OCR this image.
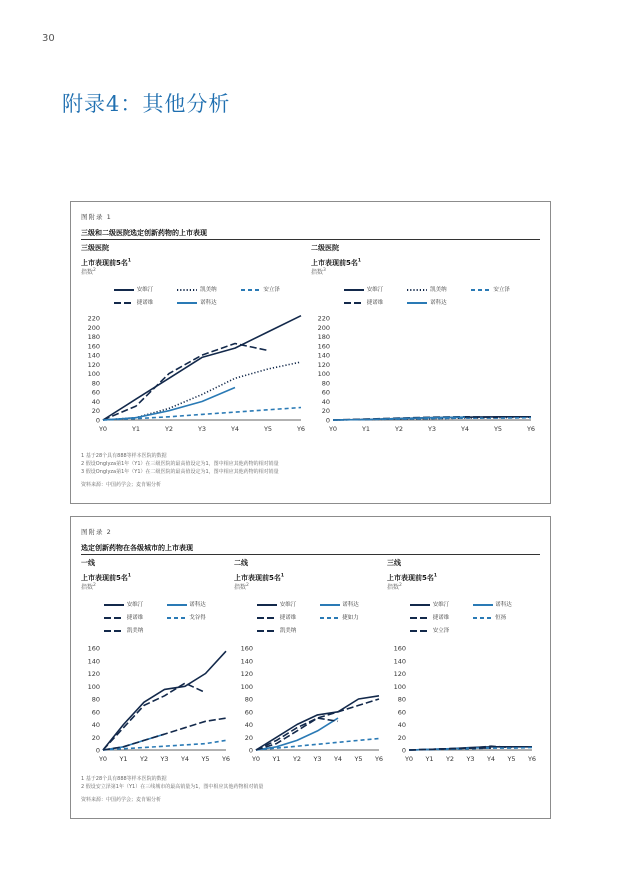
30
附录4：其他分析
图附录 1
三级和二级医院选定创新药物的上市表现
三级医院
上市表现前5名$^1$
指数$^2$
安维汀	凯美纳	安立泽
捷诺维	诺科达
0
20
40
60
80
100
120
140
160
180
200
220
Y0	Y1	Y2	Y3	Y4	Y5	Y6
二级医院
上市表现前5名$^1$
指数$^3$
安维汀	凯美纳	安立泽
捷诺维	诺科达
0
20
40
60
80
100
120
140
160
180
200
220
Y0	Y1	Y2	Y3	Y4	Y5	Y6
1 基于28个具有888等样本医院的数据
2 假设Onglyza第1年（Y1）在三级医院的最高值设定为1，图中相应其他药物的相对销量
3 假设Onglyza第1年（Y1）在二级医院的最高值设定为1，图中相应其他药物的相对销量
资料来源：中国药学会；麦肯锡分析
图附录 2
选定创新药物在各级城市的上市表现
一线
上市表现前5名$^1$
指数$^2$
安维汀	诺科达
捷诺维	戈谷得
凯美纳
0
20
40
60
80
100
120
140
160
Y0 Y1 Y2 Y3 Y4 Y5 Y6
二线
上市表现前5名$^1$
指数$^2$
安维汀	诺科达
捷诺维	捷如力
凯美纳
0
20
40
60
80
100
120
140
160
Y0 Y1 Y2 Y3 Y4 Y5 Y6
三线
上市表现前5名$^1$
指数$^2$
安维汀	诺科达
捷诺维	恒扬
安立泽
0
20
40
60
80
100
120
140
160
Y0 Y1 Y2 Y3 Y4 Y5 Y6
1 基于28个具有888等样本医院的数据
2 假设安立泽第1年（Y1）在三线城市的最高销量为1，图中相应其他药物相对销量
资料来源：中国药学会；麦肯锡分析
